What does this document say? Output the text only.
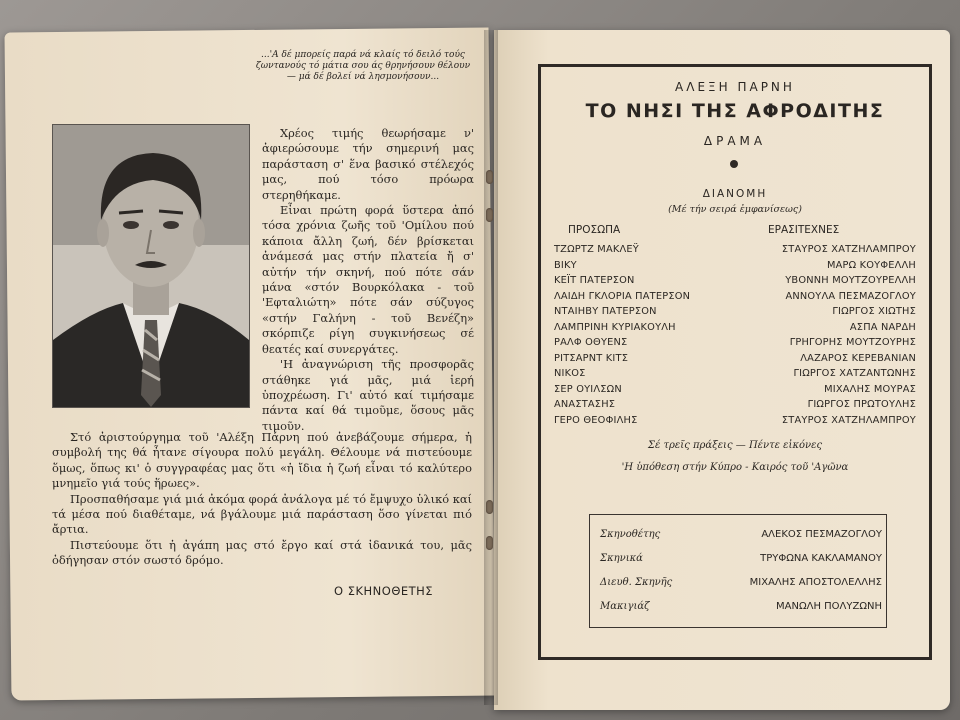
...'Α δέ μπορείς παρά νά κλαίς τό δειλό τούς ζωντανούς τό μάτια σου άς θρηνήσουν θέλουν — μά δέ βολεί νά λησμονήσουν...

Χρέος τιμής θεωρήσαμε ν' ἀφιερώσουμε τήν σημερινή μας παράσταση σ' ἕνα βασικό στέλεχός μας, πού τόσο πρόωρα στερηθήκαμε.

Εἶναι πρώτη φορά ὕστερα ἀπό τόσα χρόνια ζωῆς τοῦ 'Ομίλου πού κάποια ἄλλη ζωή, δέν βρίσκεται ἀνάμεσά μας στήν πλατεία ἤ σ' αὐτήν τήν σκηνή, πού πότε σάν μάνα «στόν Βουρκόλακα - τοῦ 'Εφταλιώτη» πότε σάν σύζυγος «στήν Γαλήνη - τοῦ Βενέζη» σκόρπιζε ρίγη συγκινήσεως σέ θεατές καί συνεργάτες.

'Η ἀναγνώριση τῆς προσφορᾶς στάθηκε γιά μᾶς, μιά ἱερή ὑποχρέωση. Γι' αὐτό καί τιμήσαμε πάντα καί θά τιμοῦμε, ὅσους μᾶς τιμοῦν.

Στό ἀριστούργημα τοῦ 'Αλέξη Πάρνη πού ἀνεβάζουμε σήμερα, ἡ συμβολή της θά ἦτανε σίγουρα πολύ μεγάλη. Θέλουμε νά πιστεύουμε ὅμως, ὅπως κι' ὁ συγγραφέας μας ὅτι «ἡ ἴδια ἡ ζωή εἶναι τό καλύτερο μνημεῖο γιά τούς ἥρωες».

Προσπαθήσαμε γιά μιά ἀκόμα φορά ἀνάλογα μέ τό ἔμψυχο ὑλικό καί τά μέσα πού διαθέταμε, νά βγάλουμε μιά παράσταση ὅσο γίνεται πιό ἄρτια.

Πιστεύουμε ὅτι ἡ ἀγάπη μας στό ἔργο καί στά ἰδανικά του, μᾶς ὁδήγησαν στόν σωστό δρόμο.

Ο ΣΚΗΝΟΘΕΤΗΣ
ΑΛΕΞΗ ΠΑΡΝΗ
ΤΟ ΝΗΣΙ ΤΗΣ ΑΦΡΟΔΙΤΗΣ
ΔΡΑΜΑ
ΔΙΑΝΟΜΗ
(Μέ τήν σειρά ἐμφανίσεως)
ΠΡΟΣΩΠΑ	ΕΡΑΣΙΤΕΧΝΕΣ
ΤΖΩΡΤΖ ΜΑΚΛΕΫ	ΣΤΑΥΡΟΣ ΧΑΤΖΗΛΑΜΠΡΟΥ
ΒΙΚΥ	ΜΑΡΩ ΚΟΥΦΕΛΛΗ
ΚΕΪΤ ΠΑΤΕΡΣΟΝ	ΥΒΟΝΝΗ ΜΟΥΤΖΟΥΡΕΛΛΗ
ΛΑΙΔΗ ΓΚΛΟΡΙΑ ΠΑΤΕΡΣΟΝ	ΑΝΝΟΥΛΑ ΠΕΣΜΑΖΟΓΛΟΥ
ΝΤΑΙΗΒΥ ΠΑΤΕΡΣΟΝ	ΓΙΩΡΓΟΣ ΧΙΩΤΗΣ
ΛΑΜΠΡΙΝΗ ΚΥΡΙΑΚΟΥΛΗ	ΑΣΠΑ ΝΑΡΔΗ
ΡΑΛΦ ΟΘΥΕΝΣ	ΓΡΗΓΟΡΗΣ ΜΟΥΤΖΟΥΡΗΣ
ΡΙΤΣΑΡΝΤ ΚΙΤΣ	ΛΑΖΑΡΟΣ ΚΕΡΕΒΑΝΙΑΝ
ΝΙΚΟΣ	ΓΙΩΡΓΟΣ ΧΑΤΖΑΝΤΩΝΗΣ
ΣΕΡ ΟΥΙΛΣΩΝ	ΜΙΧΑΛΗΣ ΜΟΥΡΑΣ
ΑΝΑΣΤΑΣΗΣ	ΓΙΩΡΓΟΣ ΠΡΩΤΟΥΛΗΣ
ΓΕΡΟ ΘΕΟΦΙΛΗΣ	ΣΤΑΥΡΟΣ ΧΑΤΖΗΛΑΜΠΡΟΥ
Σέ τρεῖς πράξεις — Πέντε εἰκόνες
'Η ὑπόθεση στήν Κύπρο - Καιρός τοῦ 'Αγῶνα
Σκηνοθέτης	ΑΛΕΚΟΣ ΠΕΣΜΑΖΟΓΛΟΥ
Σκηνικά	ΤΡΥΦΩΝΑ ΚΑΚΛΑΜΑΝΟΥ
Διευθ. Σκηνῆς	ΜΙΧΑΛΗΣ ΑΠΟΣΤΟΛΕΛΛΗΣ
Μακιγιάζ	ΜΑΝΩΛΗ ΠΟΛΥΖΩΝΗ
